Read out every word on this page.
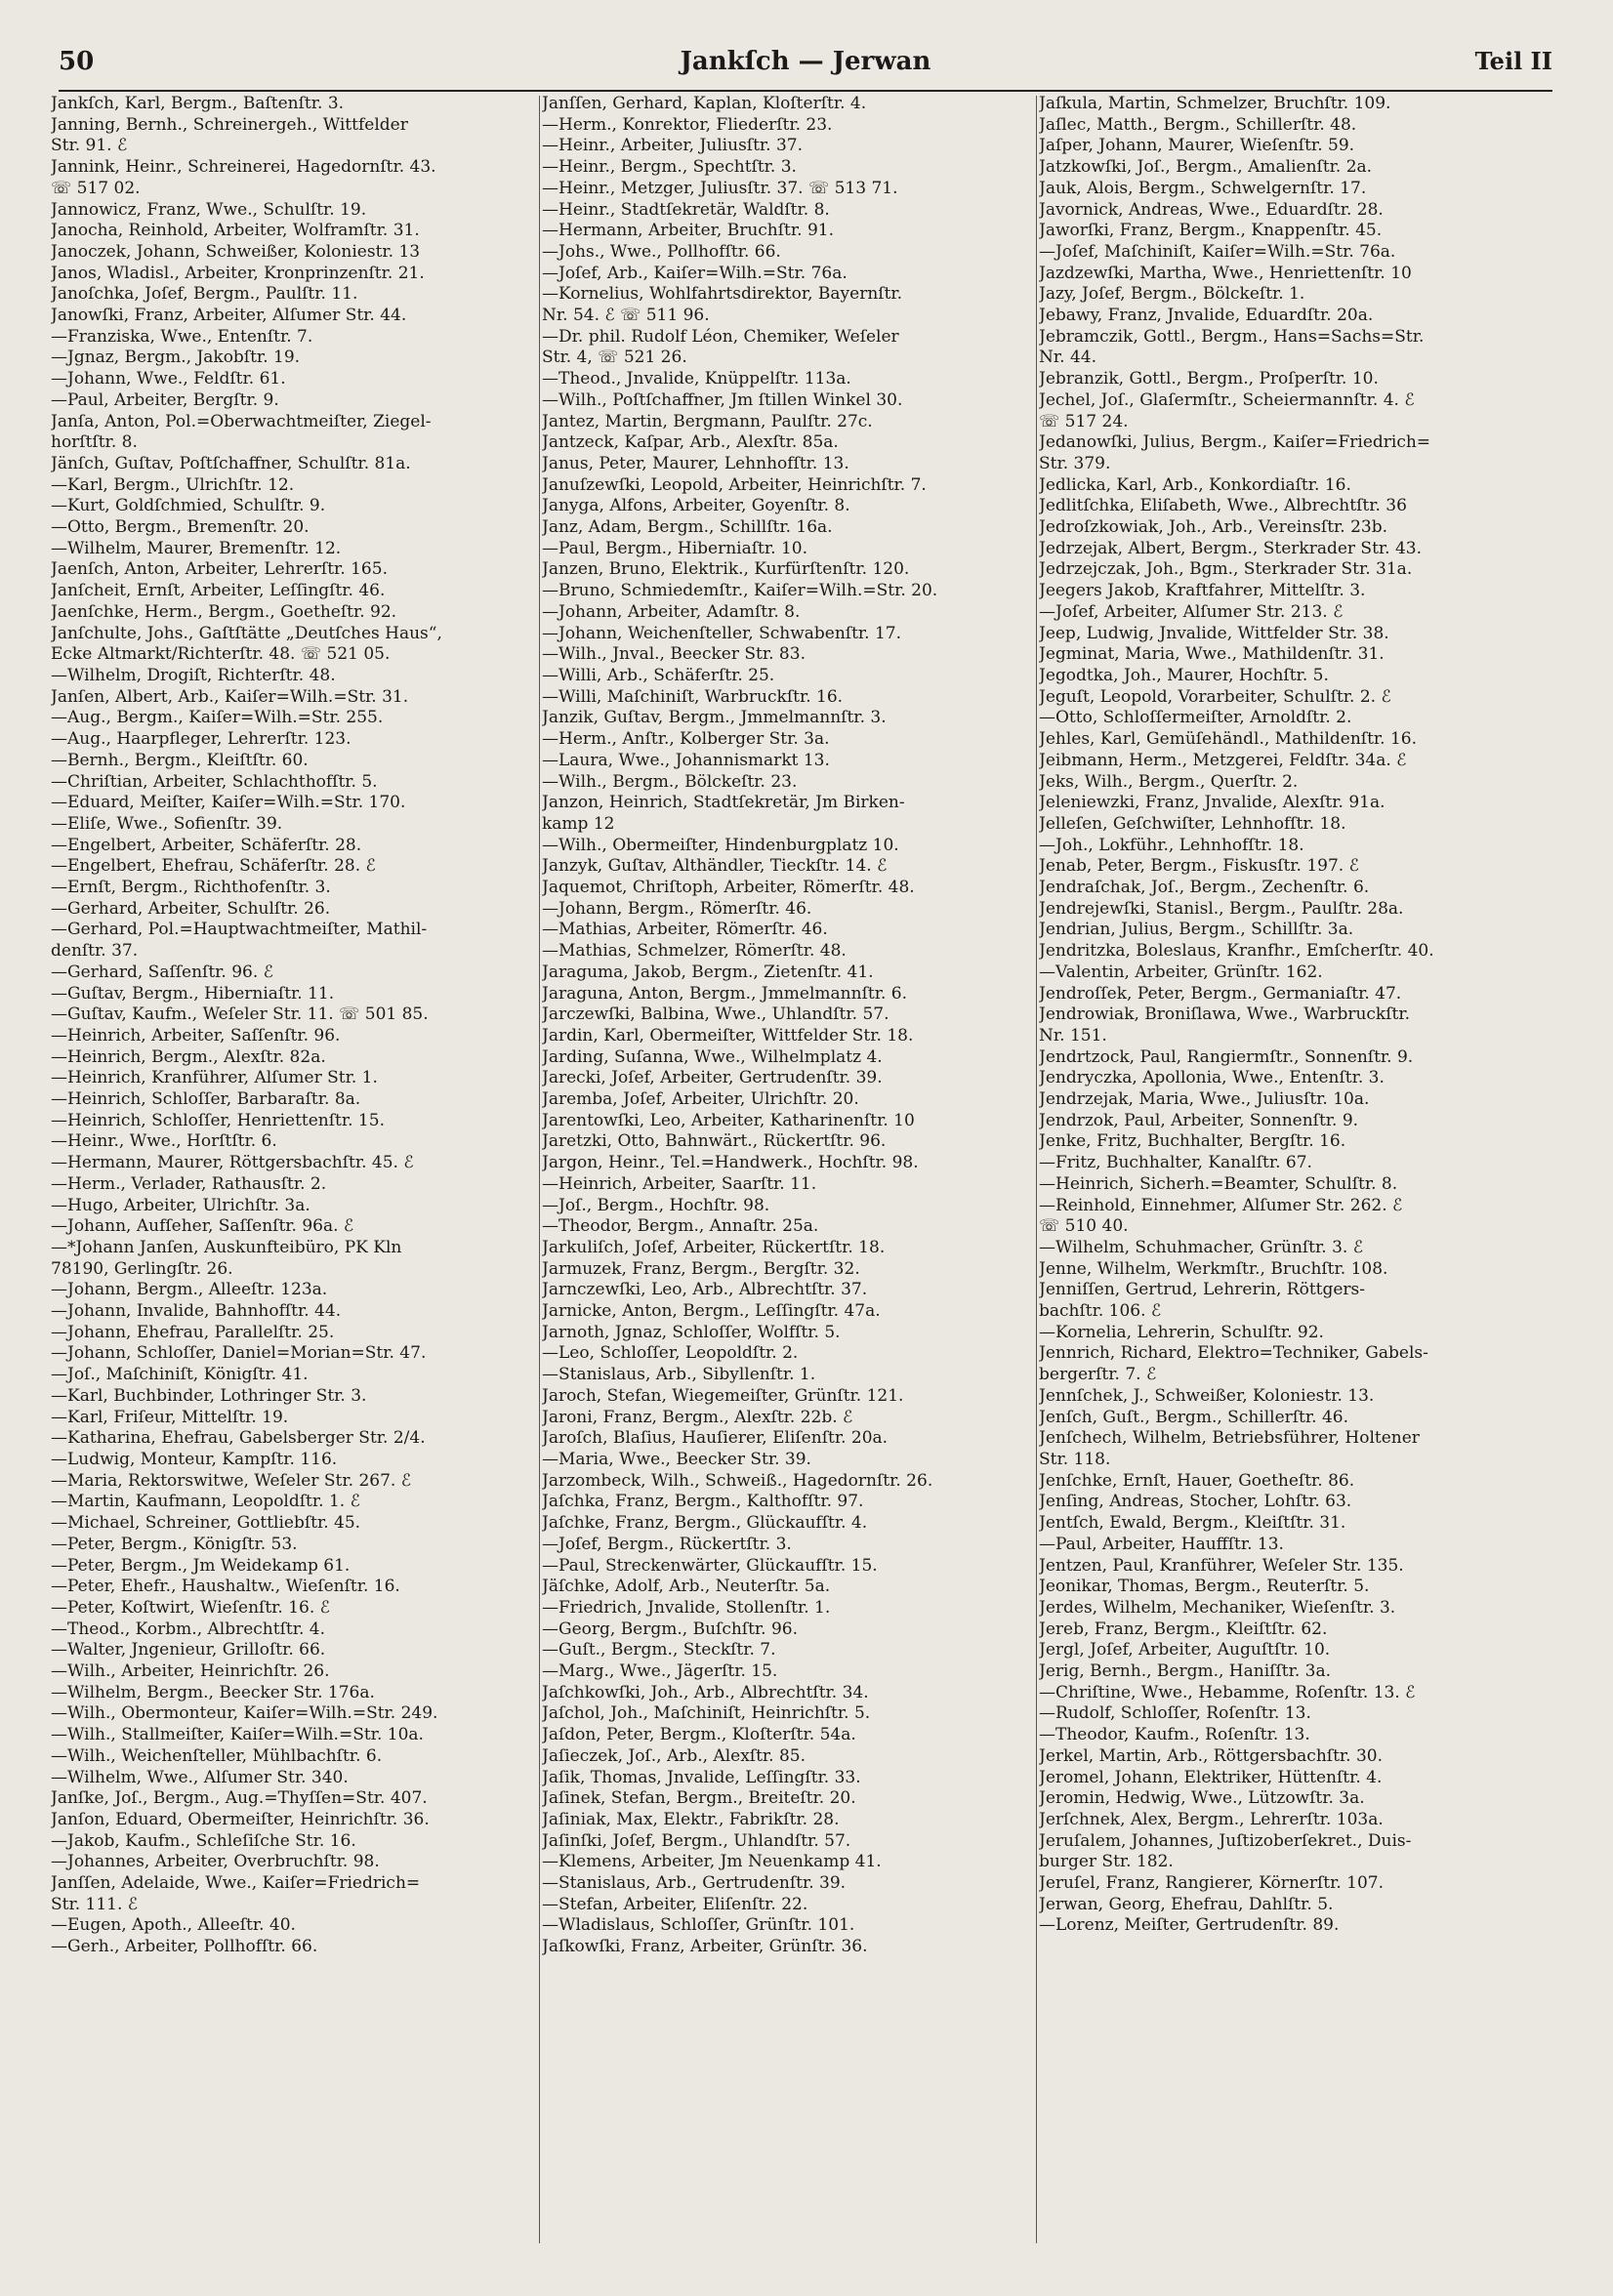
50	Jankſch — Jerwan	Teil II

Jankſch, Karl, Bergm., Baſtenſtr. 3.

Janning, Bernh., Schreinergeh., Wittfelder

Str. 91. ℰ

Jannink, Heinr., Schreinerei, Hagedornſtr. 43.

☏ 517 02.

Jannowicz, Franz, Wwe., Schulſtr. 19.

Janocha, Reinhold, Arbeiter, Wolframſtr. 31.

Janoczek, Johann, Schweißer, Koloniestr. 13

Janos, Wladisl., Arbeiter, Kronprinzenſtr. 21.

Janoſchka, Joſef, Bergm., Paulſtr. 11.

Janowſki, Franz, Arbeiter, Alſumer Str. 44.

—Franziska, Wwe., Entenſtr. 7.

—Jgnaz, Bergm., Jakobſtr. 19.

—Johann, Wwe., Feldſtr. 61.

—Paul, Arbeiter, Bergſtr. 9.

Janſa, Anton, Pol.=Oberwachtmeiſter, Ziegel-

horſtſtr. 8.

Jänſch, Guſtav, Poſtſchaffner, Schulſtr. 81a.

—Karl, Bergm., Ulrichſtr. 12.

—Kurt, Goldſchmied, Schulſtr. 9.

—Otto, Bergm., Bremenſtr. 20.

—Wilhelm, Maurer, Bremenſtr. 12.

Jaenſch, Anton, Arbeiter, Lehrerſtr. 165.

Janſcheit, Ernſt, Arbeiter, Leſſingſtr. 46.

Jaenſchke, Herm., Bergm., Goetheſtr. 92.

Janſchulte, Johs., Gaſtſtätte „Deutſches Haus“,

Ecke Altmarkt/Richterſtr. 48. ☏ 521 05.

—Wilhelm, Drogiſt, Richterſtr. 48.

Janſen, Albert, Arb., Kaiſer=Wilh.=Str. 31.

—Aug., Bergm., Kaiſer=Wilh.=Str. 255.

—Aug., Haarpfleger, Lehrerſtr. 123.

—Bernh., Bergm., Kleiſtſtr. 60.

—Chriſtian, Arbeiter, Schlachthofſtr. 5.

—Eduard, Meiſter, Kaiſer=Wilh.=Str. 170.

—Eliſe, Wwe., Sofienſtr. 39.

—Engelbert, Arbeiter, Schäferſtr. 28.

—Engelbert, Ehefrau, Schäferſtr. 28. ℰ

—Ernſt, Bergm., Richthofenſtr. 3.

—Gerhard, Arbeiter, Schulſtr. 26.

—Gerhard, Pol.=Hauptwachtmeiſter, Mathil-

denſtr. 37.

—Gerhard, Saſſenſtr. 96. ℰ

—Guſtav, Bergm., Hiberniaſtr. 11.

—Guſtav, Kaufm., Weſeler Str. 11. ☏ 501 85.

—Heinrich, Arbeiter, Saſſenſtr. 96.

—Heinrich, Bergm., Alexſtr. 82a.

—Heinrich, Kranführer, Alſumer Str. 1.

—Heinrich, Schloſſer, Barbaraſtr. 8a.

—Heinrich, Schloſſer, Henriettenſtr. 15.

—Heinr., Wwe., Horſtſtr. 6.

—Hermann, Maurer, Röttgersbachſtr. 45. ℰ

—Herm., Verlader, Rathausſtr. 2.

—Hugo, Arbeiter, Ulrichſtr. 3a.

—Johann, Aufſeher, Saſſenſtr. 96a. ℰ

—*Johann Janſen, Auskunfteibüro, PK Kln

78190, Gerlingſtr. 26.

—Johann, Bergm., Alleeſtr. 123a.

—Johann, Invalide, Bahnhofſtr. 44.

—Johann, Ehefrau, Parallelſtr. 25.

—Johann, Schloſſer, Daniel=Morian=Str. 47.

—Joſ., Maſchiniſt, Königſtr. 41.

—Karl, Buchbinder, Lothringer Str. 3.

—Karl, Friſeur, Mittelſtr. 19.

—Katharina, Ehefrau, Gabelsberger Str. 2/4.

—Ludwig, Monteur, Kampſtr. 116.

—Maria, Rektorswitwe, Weſeler Str. 267. ℰ

—Martin, Kaufmann, Leopoldſtr. 1. ℰ

—Michael, Schreiner, Gottliebſtr. 45.

—Peter, Bergm., Königſtr. 53.

—Peter, Bergm., Jm Weidekamp 61.

—Peter, Ehefr., Haushaltw., Wieſenſtr. 16.

—Peter, Koſtwirt, Wieſenſtr. 16. ℰ

—Theod., Korbm., Albrechtſtr. 4.

—Walter, Jngenieur, Grilloſtr. 66.

—Wilh., Arbeiter, Heinrichſtr. 26.

—Wilhelm, Bergm., Beecker Str. 176a.

—Wilh., Obermonteur, Kaiſer=Wilh.=Str. 249.

—Wilh., Stallmeiſter, Kaiſer=Wilh.=Str. 10a.

—Wilh., Weichenſteller, Mühlbachſtr. 6.

—Wilhelm, Wwe., Alſumer Str. 340.

Janſke, Joſ., Bergm., Aug.=Thyſſen=Str. 407.

Janſon, Eduard, Obermeiſter, Heinrichſtr. 36.

—Jakob, Kaufm., Schleſiſche Str. 16.

—Johannes, Arbeiter, Overbruchſtr. 98.

Janſſen, Adelaide, Wwe., Kaiſer=Friedrich=

Str. 111. ℰ

—Eugen, Apoth., Alleeſtr. 40.

—Gerh., Arbeiter, Pollhofſtr. 66.

Janſſen, Gerhard, Kaplan, Kloſterſtr. 4.

—Herm., Konrektor, Fliederſtr. 23.

—Heinr., Arbeiter, Juliusſtr. 37.

—Heinr., Bergm., Spechtſtr. 3.

—Heinr., Metzger, Juliusſtr. 37. ☏ 513 71.

—Heinr., Stadtſekretär, Waldſtr. 8.

—Hermann, Arbeiter, Bruchſtr. 91.

—Johs., Wwe., Pollhofſtr. 66.

—Joſef, Arb., Kaiſer=Wilh.=Str. 76a.

—Kornelius, Wohlfahrtsdirektor, Bayernſtr.

Nr. 54. ℰ ☏ 511 96.

—Dr. phil. Rudolf Léon, Chemiker, Weſeler

Str. 4, ☏ 521 26.

—Theod., Jnvalide, Knüppelſtr. 113a.

—Wilh., Poſtſchaffner, Jm ſtillen Winkel 30.

Jantez, Martin, Bergmann, Paulſtr. 27c.

Jantzeck, Kaſpar, Arb., Alexſtr. 85a.

Janus, Peter, Maurer, Lehnhofſtr. 13.

Januſzewſki, Leopold, Arbeiter, Heinrichſtr. 7.

Janyga, Alfons, Arbeiter, Goyenſtr. 8.

Janz, Adam, Bergm., Schillſtr. 16a.

—Paul, Bergm., Hiberniaſtr. 10.

Janzen, Bruno, Elektrik., Kurfürſtenſtr. 120.

—Bruno, Schmiedemſtr., Kaiſer=Wilh.=Str. 20.

—Johann, Arbeiter, Adamſtr. 8.

—Johann, Weichenſteller, Schwabenſtr. 17.

—Wilh., Jnval., Beecker Str. 83.

—Willi, Arb., Schäferſtr. 25.

—Willi, Maſchiniſt, Warbruckſtr. 16.

Janzik, Guſtav, Bergm., Jmmelmannſtr. 3.

—Herm., Anſtr., Kolberger Str. 3a.

—Laura, Wwe., Johannismarkt 13.

—Wilh., Bergm., Bölckeſtr. 23.

Janzon, Heinrich, Stadtſekretär, Jm Birken-

kamp 12

—Wilh., Obermeiſter, Hindenburgplatz 10.

Janzyk, Guſtav, Althändler, Tieckſtr. 14. ℰ

Jaquemot, Chriſtoph, Arbeiter, Römerſtr. 48.

—Johann, Bergm., Römerſtr. 46.

—Mathias, Arbeiter, Römerſtr. 46.

—Mathias, Schmelzer, Römerſtr. 48.

Jaraguma, Jakob, Bergm., Zietenſtr. 41.

Jaraguna, Anton, Bergm., Jmmelmannſtr. 6.

Jarczewſki, Balbina, Wwe., Uhlandſtr. 57.

Jardin, Karl, Obermeiſter, Wittfelder Str. 18.

Jarding, Suſanna, Wwe., Wilhelmplatz 4.

Jarecki, Joſef, Arbeiter, Gertrudenſtr. 39.

Jaremba, Joſef, Arbeiter, Ulrichſtr. 20.

Jarentowſki, Leo, Arbeiter, Katharinenſtr. 10

Jaretzki, Otto, Bahnwärt., Rückertſtr. 96.

Jargon, Heinr., Tel.=Handwerk., Hochſtr. 98.

—Heinrich, Arbeiter, Saarſtr. 11.

—Joſ., Bergm., Hochſtr. 98.

—Theodor, Bergm., Annaſtr. 25a.

Jarkuliſch, Joſef, Arbeiter, Rückertſtr. 18.

Jarmuzek, Franz, Bergm., Bergſtr. 32.

Jarnczewſki, Leo, Arb., Albrechtſtr. 37.

Jarnicke, Anton, Bergm., Leſſingſtr. 47a.

Jarnoth, Jgnaz, Schloſſer, Wolfſtr. 5.

—Leo, Schloſſer, Leopoldſtr. 2.

—Stanislaus, Arb., Sibyllenſtr. 1.

Jaroch, Stefan, Wiegemeiſter, Grünſtr. 121.

Jaroni, Franz, Bergm., Alexſtr. 22b. ℰ

Jaroſch, Blaſius, Hauſierer, Eliſenſtr. 20a.

—Maria, Wwe., Beecker Str. 39.

Jarzombeck, Wilh., Schweiß., Hagedornſtr. 26.

Jaſchka, Franz, Bergm., Kalthofſtr. 97.

Jaſchke, Franz, Bergm., Glückaufſtr. 4.

—Joſef, Bergm., Rückertſtr. 3.

—Paul, Streckenwärter, Glückaufſtr. 15.

Jäſchke, Adolf, Arb., Neuterſtr. 5a.

—Friedrich, Jnvalide, Stollenſtr. 1.

—Georg, Bergm., Buſchſtr. 96.

—Guſt., Bergm., Steckſtr. 7.

—Marg., Wwe., Jägerſtr. 15.

Jaſchkowſki, Joh., Arb., Albrechtſtr. 34.

Jaſchol, Joh., Maſchiniſt, Heinrichſtr. 5.

Jaſdon, Peter, Bergm., Kloſterſtr. 54a.

Jaſieczek, Joſ., Arb., Alexſtr. 85.

Jaſik, Thomas, Jnvalide, Leſſingſtr. 33.

Jaſinek, Stefan, Bergm., Breiteſtr. 20.

Jaſiniak, Max, Elektr., Fabrikſtr. 28.

Jaſinſki, Joſef, Bergm., Uhlandſtr. 57.

—Klemens, Arbeiter, Jm Neuenkamp 41.

—Stanislaus, Arb., Gertrudenſtr. 39.

—Stefan, Arbeiter, Eliſenſtr. 22.

—Wladislaus, Schloſſer, Grünſtr. 101.

Jaſkowſki, Franz, Arbeiter, Grünſtr. 36.

Jaſkula, Martin, Schmelzer, Bruchſtr. 109.

Jaſlec, Matth., Bergm., Schillerſtr. 48.

Jaſper, Johann, Maurer, Wieſenſtr. 59.

Jatzkowſki, Joſ., Bergm., Amalienſtr. 2a.

Jauk, Alois, Bergm., Schwelgernſtr. 17.

Javornick, Andreas, Wwe., Eduardſtr. 28.

Jaworſki, Franz, Bergm., Knappenſtr. 45.

—Joſef, Maſchiniſt, Kaiſer=Wilh.=Str. 76a.

Jazdzewſki, Martha, Wwe., Henriettenſtr. 10

Jazy, Joſef, Bergm., Bölckeſtr. 1.

Jebawy, Franz, Jnvalide, Eduardſtr. 20a.

Jebramczik, Gottl., Bergm., Hans=Sachs=Str.

Nr. 44.

Jebranzik, Gottl., Bergm., Proſperſtr. 10.

Jechel, Joſ., Glaſermſtr., Scheiermannſtr. 4. ℰ

☏ 517 24.

Jedanowſki, Julius, Bergm., Kaiſer=Friedrich=

Str. 379.

Jedlicka, Karl, Arb., Konkordiaſtr. 16.

Jedlitſchka, Eliſabeth, Wwe., Albrechtſtr. 36

Jedroſzkowiak, Joh., Arb., Vereinsſtr. 23b.

Jedrzejak, Albert, Bergm., Sterkrader Str. 43.

Jedrzejczak, Joh., Bgm., Sterkrader Str. 31a.

Jeegers Jakob, Kraftfahrer, Mittelſtr. 3.

—Joſef, Arbeiter, Alſumer Str. 213. ℰ

Jeep, Ludwig, Jnvalide, Wittfelder Str. 38.

Jegminat, Maria, Wwe., Mathildenſtr. 31.

Jegodtka, Joh., Maurer, Hochſtr. 5.

Jeguſt, Leopold, Vorarbeiter, Schulſtr. 2. ℰ

—Otto, Schloſſermeiſter, Arnoldſtr. 2.

Jehles, Karl, Gemüſehändl., Mathildenſtr. 16.

Jeibmann, Herm., Metzgerei, Feldſtr. 34a. ℰ

Jeks, Wilh., Bergm., Querſtr. 2.

Jeleniewzki, Franz, Jnvalide, Alexſtr. 91a.

Jelleſen, Geſchwiſter, Lehnhofſtr. 18.

—Joh., Lokführ., Lehnhofſtr. 18.

Jenab, Peter, Bergm., Fiskusſtr. 197. ℰ

Jendraſchak, Joſ., Bergm., Zechenſtr. 6.

Jendrejewſki, Stanisl., Bergm., Paulſtr. 28a.

Jendrian, Julius, Bergm., Schillſtr. 3a.

Jendritzka, Boleslaus, Kranfhr., Emſcherſtr. 40.

—Valentin, Arbeiter, Grünſtr. 162.

Jendroſſek, Peter, Bergm., Germaniaſtr. 47.

Jendrowiak, Broniſlawa, Wwe., Warbruckſtr.

Nr. 151.

Jendrtzock, Paul, Rangiermſtr., Sonnenſtr. 9.

Jendryczka, Apollonia, Wwe., Entenſtr. 3.

Jendrzejak, Maria, Wwe., Juliusſtr. 10a.

Jendrzok, Paul, Arbeiter, Sonnenſtr. 9.

Jenke, Fritz, Buchhalter, Bergſtr. 16.

—Fritz, Buchhalter, Kanalſtr. 67.

—Heinrich, Sicherh.=Beamter, Schulſtr. 8.

—Reinhold, Einnehmer, Alſumer Str. 262. ℰ

☏ 510 40.

—Wilhelm, Schuhmacher, Grünſtr. 3. ℰ

Jenne, Wilhelm, Werkmſtr., Bruchſtr. 108.

Jenniſſen, Gertrud, Lehrerin, Röttgers-

bachſtr. 106. ℰ

—Kornelia, Lehrerin, Schulſtr. 92.

Jennrich, Richard, Elektro=Techniker, Gabels-

bergerſtr. 7. ℰ

Jennſchek, J., Schweißer, Koloniestr. 13.

Jenſch, Guſt., Bergm., Schillerſtr. 46.

Jenſchech, Wilhelm, Betriebsführer, Holtener

Str. 118.

Jenſchke, Ernſt, Hauer, Goetheſtr. 86.

Jenſing, Andreas, Stocher, Lohſtr. 63.

Jentſch, Ewald, Bergm., Kleiſtſtr. 31.

—Paul, Arbeiter, Hauffſtr. 13.

Jentzen, Paul, Kranführer, Weſeler Str. 135.

Jeonikar, Thomas, Bergm., Reuterſtr. 5.

Jerdes, Wilhelm, Mechaniker, Wieſenſtr. 3.

Jereb, Franz, Bergm., Kleiſtſtr. 62.

Jergl, Joſef, Arbeiter, Auguſtſtr. 10.

Jerig, Bernh., Bergm., Haniſſtr. 3a.

—Chriſtine, Wwe., Hebamme, Roſenſtr. 13. ℰ

—Rudolf, Schloſſer, Roſenſtr. 13.

—Theodor, Kaufm., Roſenſtr. 13.

Jerkel, Martin, Arb., Röttgersbachſtr. 30.

Jeromel, Johann, Elektriker, Hüttenſtr. 4.

Jeromin, Hedwig, Wwe., Lützowſtr. 3a.

Jerſchnek, Alex, Bergm., Lehrerſtr. 103a.

Jeruſalem, Johannes, Juſtizoberſekret., Duis-

burger Str. 182.

Jeruſel, Franz, Rangierer, Körnerſtr. 107.

Jerwan, Georg, Ehefrau, Dahlſtr. 5.

—Lorenz, Meiſter, Gertrudenſtr. 89.
